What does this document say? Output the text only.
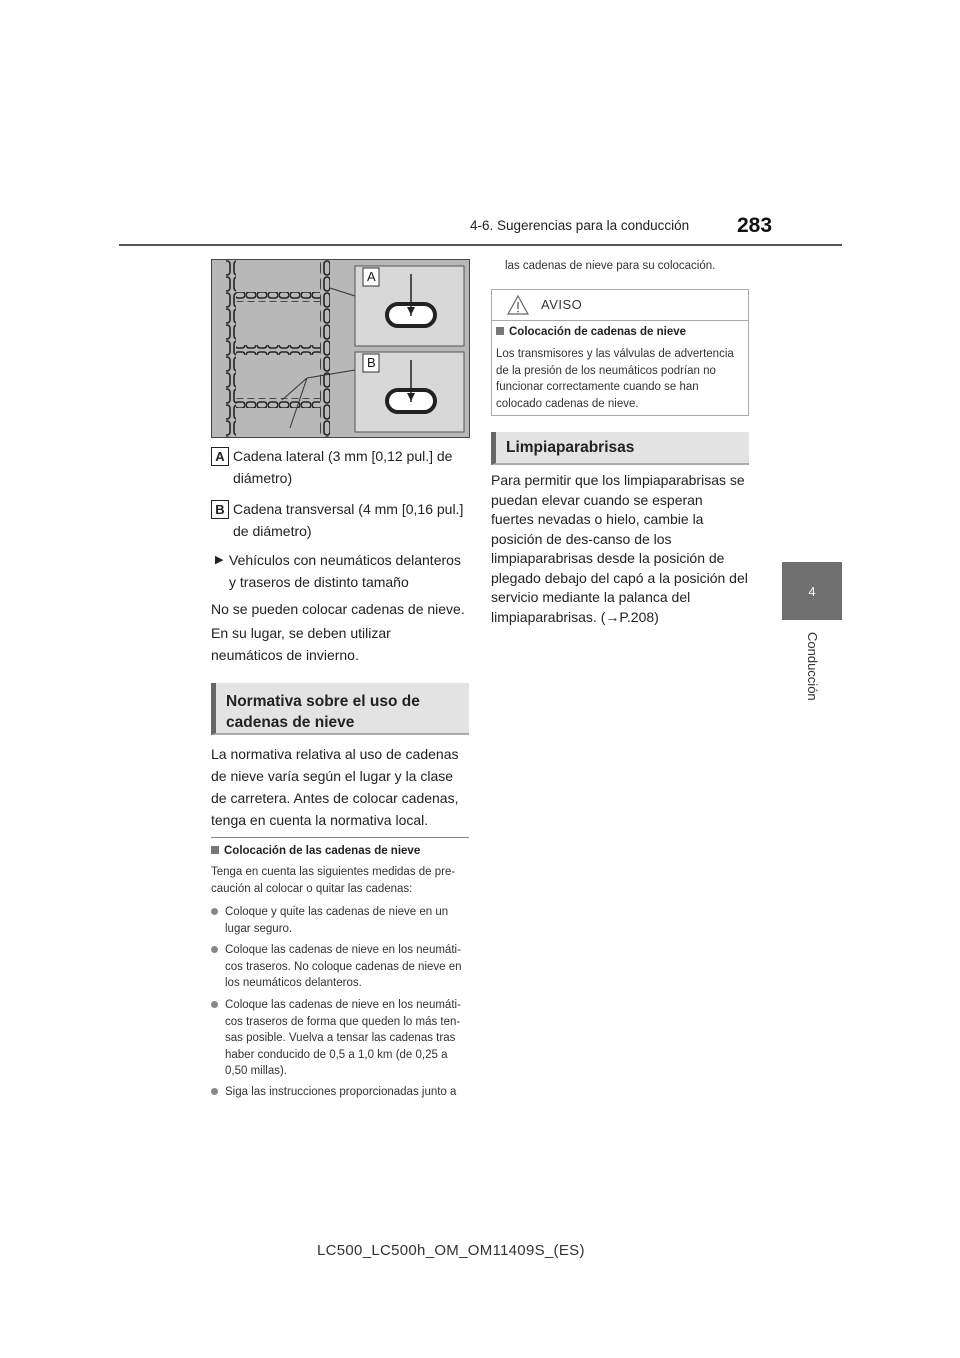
4-6. Sugerencias para la conducción 283
4
Conducción
A
B
A Cadena lateral (3 mm [0,12 pul.] de diámetro)
B Cadena transversal (4 mm [0,16 pul.] de diámetro)
▶ Vehículos con neumáticos delanteros y traseros de distinto tamaño
No se pueden colocar cadenas de nieve.
En su lugar, se deben utilizar neumáticos de invierno.
Normativa sobre el uso de cadenas de nieve
La normativa relativa al uso de cadenas de nieve varía según el lugar y la clase de carretera. Antes de colocar cadenas, tenga en cuenta la normativa local.
Colocación de las cadenas de nieve
Tenga en cuenta las siguientes medidas de pre-caución al colocar o quitar las cadenas:
Coloque y quite las cadenas de nieve en un lugar seguro.
Coloque las cadenas de nieve en los neumáti-cos traseros. No coloque cadenas de nieve en los neumáticos delanteros.
Coloque las cadenas de nieve en los neumáti-cos traseros de forma que queden lo más ten-sas posible. Vuelva a tensar las cadenas tras haber conducido de 0,5 a 1,0 km (de 0,25 a 0,50 millas).
Siga las instrucciones proporcionadas junto a
las cadenas de nieve para su colocación.
AVISO
Colocación de cadenas de nieve
Los transmisores y las válvulas de advertencia de la presión de los neumáticos podrían no funcionar correctamente cuando se han colocado cadenas de nieve.
Limpiaparabrisas
Para permitir que los limpiaparabrisas se puedan elevar cuando se esperan fuertes nevadas o hielo, cambie la posición de des-canso de los limpiaparabrisas desde la posición de plegado debajo del capó a la posición del servicio mediante la palanca del limpiaparabrisas. (→P.208)
LC500_LC500h_OM_OM11409S_(ES)
